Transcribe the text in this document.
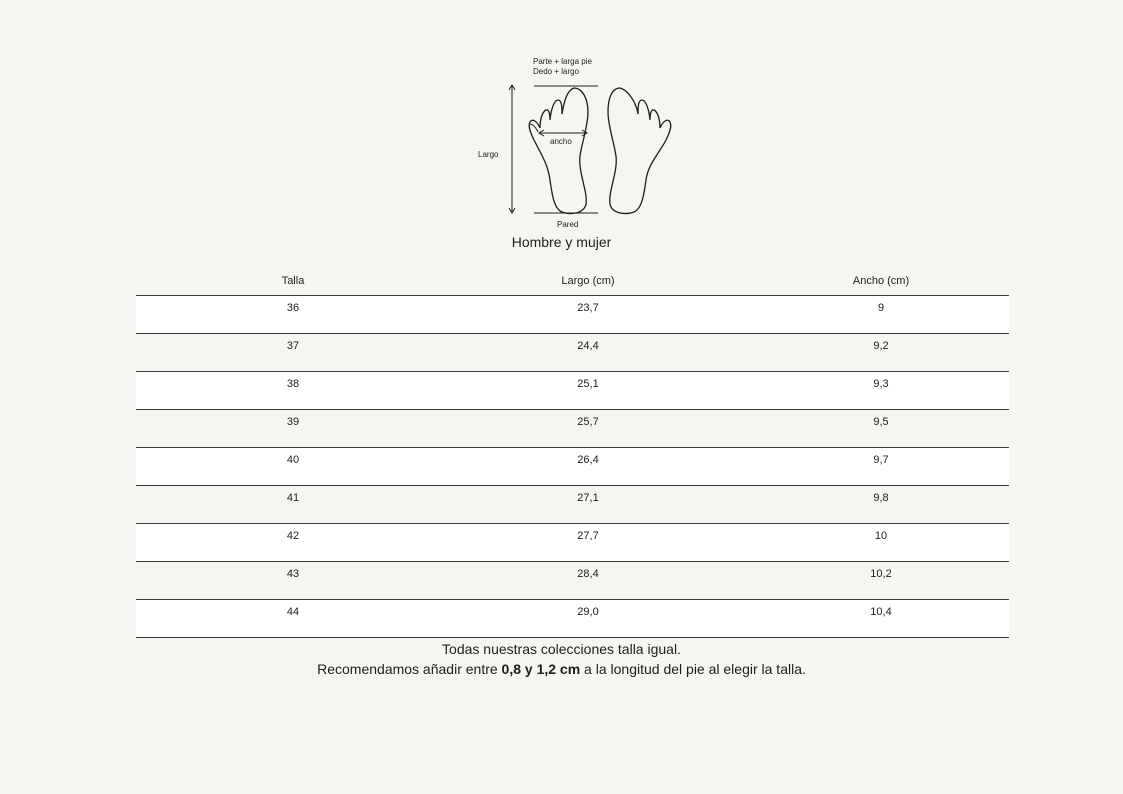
Parte + larga pie
Dedo + largo
ancho
Largo
Pared
Hombre y mujer
Talla	Largo (cm)	Ancho (cm)
36	23,7	9
37	24,4	9,2
38	25,1	9,3
39	25,7	9,5
40	26,4	9,7
41	27,1	9,8
42	27,7	10
43	28,4	10,2
44	29,0	10,4
Todas nuestras colecciones talla igual.
Recomendamos añadir entre 0,8 y 1,2 cm a la longitud del pie al elegir la talla.
